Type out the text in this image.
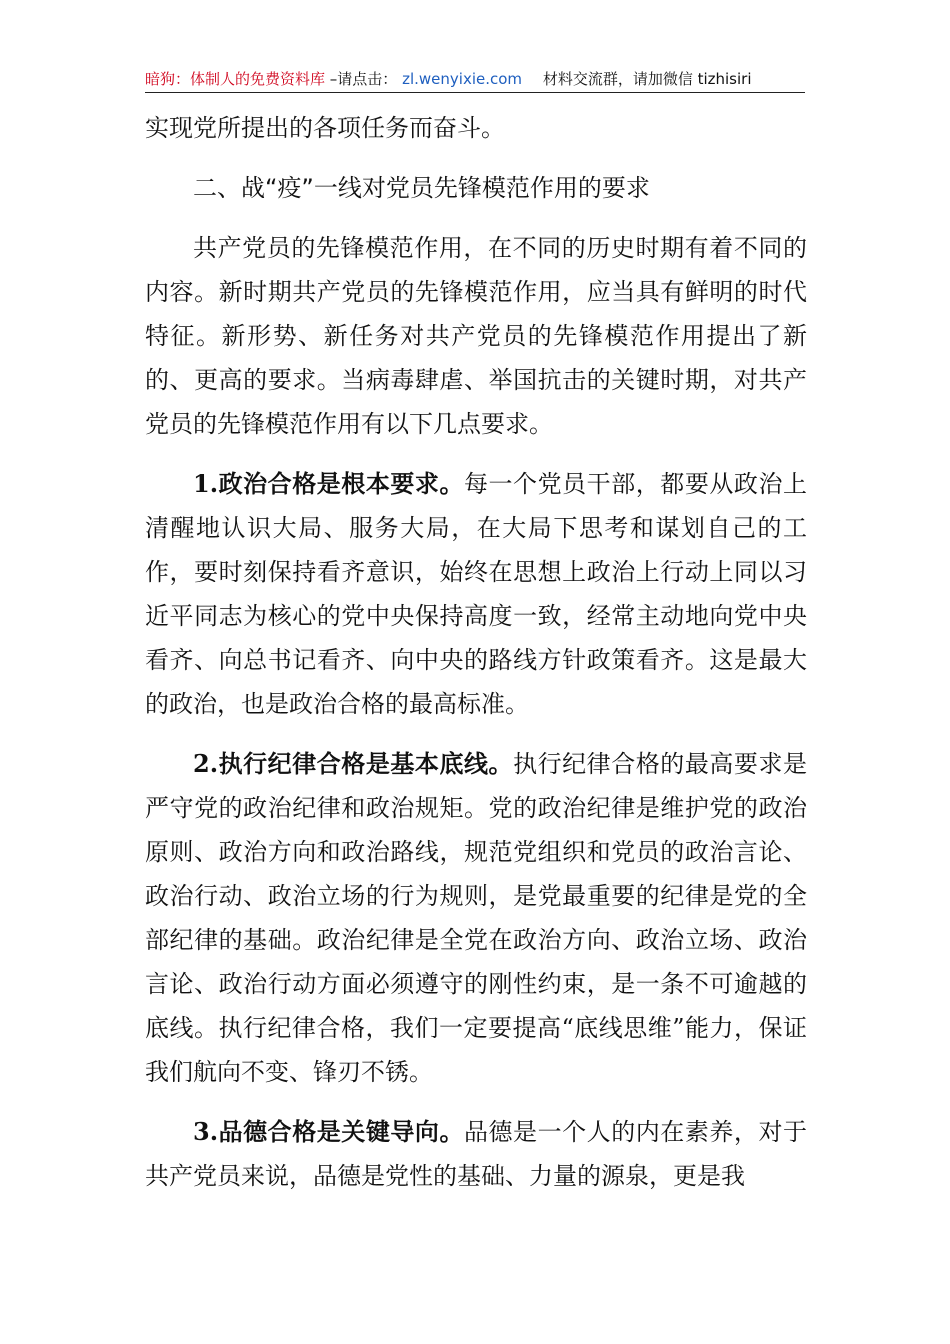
暗狗：体制人的免费资料库 –请点击： zl.wenyixie.com 材料交流群，请加微信 tizhisiri

实现党所提出的各项任务而奋斗。

二、战“疫”一线对党员先锋模范作用的要求

共产党员的先锋模范作用，在不同的历史时期有着不同的内容。新时期共产党员的先锋模范作用，应当具有鲜明的时代特征。新形势、新任务对共产党员的先锋模范作用提出了新的、更高的要求。当病毒肆虐、举国抗击的关键时期，对共产党员的先锋模范作用有以下几点要求。

1.政治合格是根本要求。每一个党员干部，都要从政治上清醒地认识大局、服务大局，在大局下思考和谋划自己的工作，要时刻保持看齐意识，始终在思想上政治上行动上同以习近平同志为核心的党中央保持高度一致，经常主动地向党中央看齐、向总书记看齐、向中央的路线方针政策看齐。这是最大的政治，也是政治合格的最高标准。

2.执行纪律合格是基本底线。执行纪律合格的最高要求是严守党的政治纪律和政治规矩。党的政治纪律是维护党的政治原则、政治方向和政治路线，规范党组织和党员的政治言论、政治行动、政治立场的行为规则，是党最重要的纪律是党的全部纪律的基础。政治纪律是全党在政治方向、政治立场、政治言论、政治行动方面必须遵守的刚性约束，是一条不可逾越的底线。执行纪律合格，我们一定要提高“底线思维”能力，保证我们航向不变、锋刃不锈。

3.品德合格是关键导向。品德是一个人的内在素养，对于共产党员来说，品德是党性的基础、力量的源泉，更是我
